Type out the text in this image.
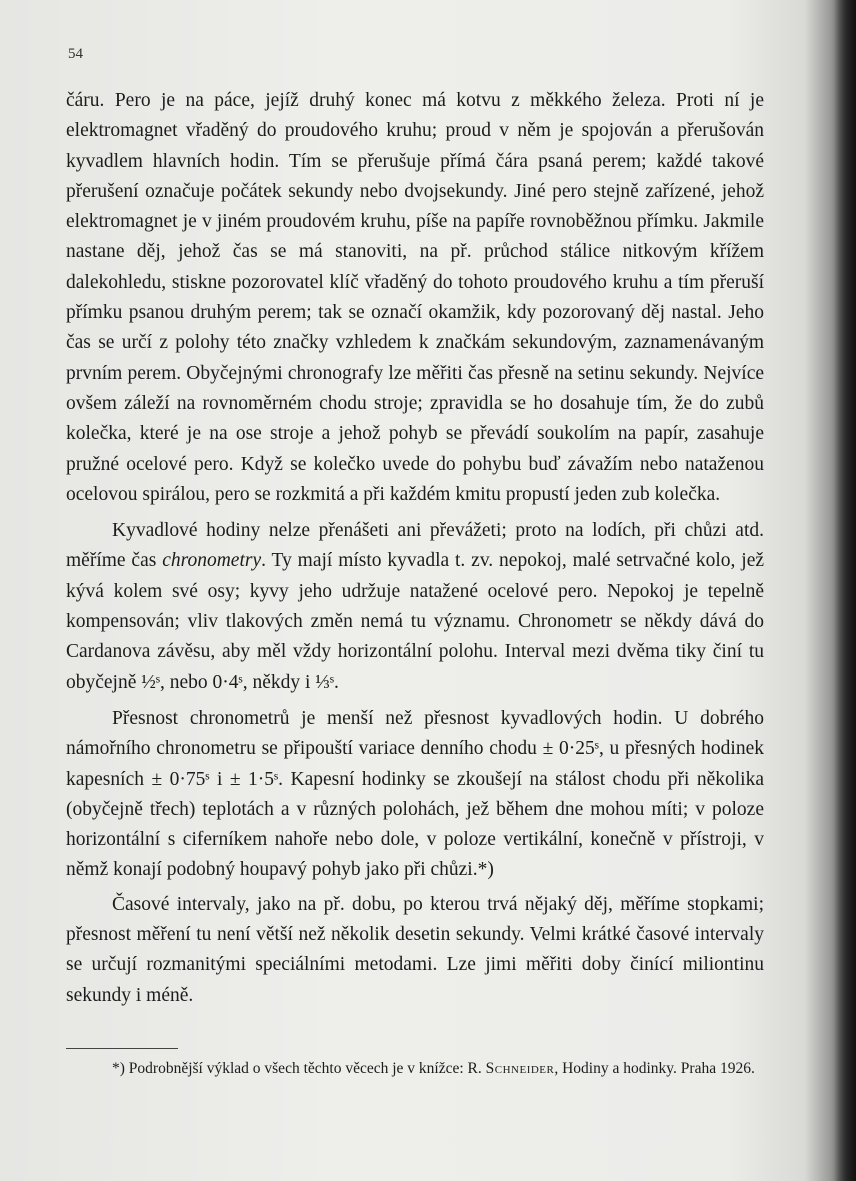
54

čáru. Pero je na páce, jejíž druhý konec má kotvu z měkkého železa. Proti ní je elektromagnet vřaděný do proudového kruhu; proud v něm je spojován a přerušován kyvadlem hlavních hodin. Tím se přerušuje přímá čára psaná perem; každé takové přerušení označuje počátek sekundy nebo dvojsekundy. Jiné pero stejně zařízené, jehož elektromagnet je v jiném proudovém kruhu, píše na papíře rovnoběžnou přímku. Jakmile nastane děj, jehož čas se má stanoviti, na př. průchod stálice nitkovým křížem dalekohledu, stiskne pozorovatel klíč vřaděný do tohoto proudového kruhu a tím přeruší přímku psanou druhým perem; tak se označí okamžik, kdy pozorovaný děj nastal. Jeho čas se určí z polohy této značky vzhledem k značkám sekundovým, zaznamenávaným prvním perem. Obyčejnými chronografy lze měřiti čas přesně na setinu sekundy. Nejvíce ovšem záleží na rovnoměrném chodu stroje; zpravidla se ho dosahuje tím, že do zubů kolečka, které je na ose stroje a jehož pohyb se převádí soukolím na papír, zasahuje pružné ocelové pero. Když se kolečko uvede do pohybu buď závažím nebo nataženou ocelovou spirálou, pero se rozkmitá a při každém kmitu propustí jeden zub kolečka.

Kyvadlové hodiny nelze přenášeti ani převážeti; proto na lodích, při chůzi atd. měříme čas chronometry. Ty mají místo kyvadla t. zv. nepokoj, malé setrvačné kolo, jež kývá kolem své osy; kyvy jeho udržuje natažené ocelové pero. Nepokoj je tepelně kompensován; vliv tlakových změn nemá tu významu. Chronometr se někdy dává do Cardanova závěsu, aby měl vždy horizontální polohu. Interval mezi dvěma tiky činí tu obyčejně ½ˢ, nebo 0·4ˢ, někdy i ⅓ˢ.

Přesnost chronometrů je menší než přesnost kyvadlových hodin. U dobrého námořního chronometru se připouští variace denního chodu ± 0·25ˢ, u přesných hodinek kapesních ± 0·75ˢ i ± 1·5ˢ. Kapesní hodinky se zkoušejí na stálost chodu při několika (obyčejně třech) teplotách a v různých polohách, jež během dne mohou míti; v poloze horizontální s ciferníkem nahoře nebo dole, v poloze vertikální, konečně v přístroji, v němž konají podobný houpavý pohyb jako při chůzi.*)

Časové intervaly, jako na př. dobu, po kterou trvá nějaký děj, měříme stopkami; přesnost měření tu není větší než několik desetin sekundy. Velmi krátké časové intervaly se určují rozmanitými speciálními metodami. Lze jimi měřiti doby činící miliontinu sekundy i méně.

*) Podrobnější výklad o všech těchto věcech je v knížce: R. Schneider, Hodiny a hodinky. Praha 1926.
